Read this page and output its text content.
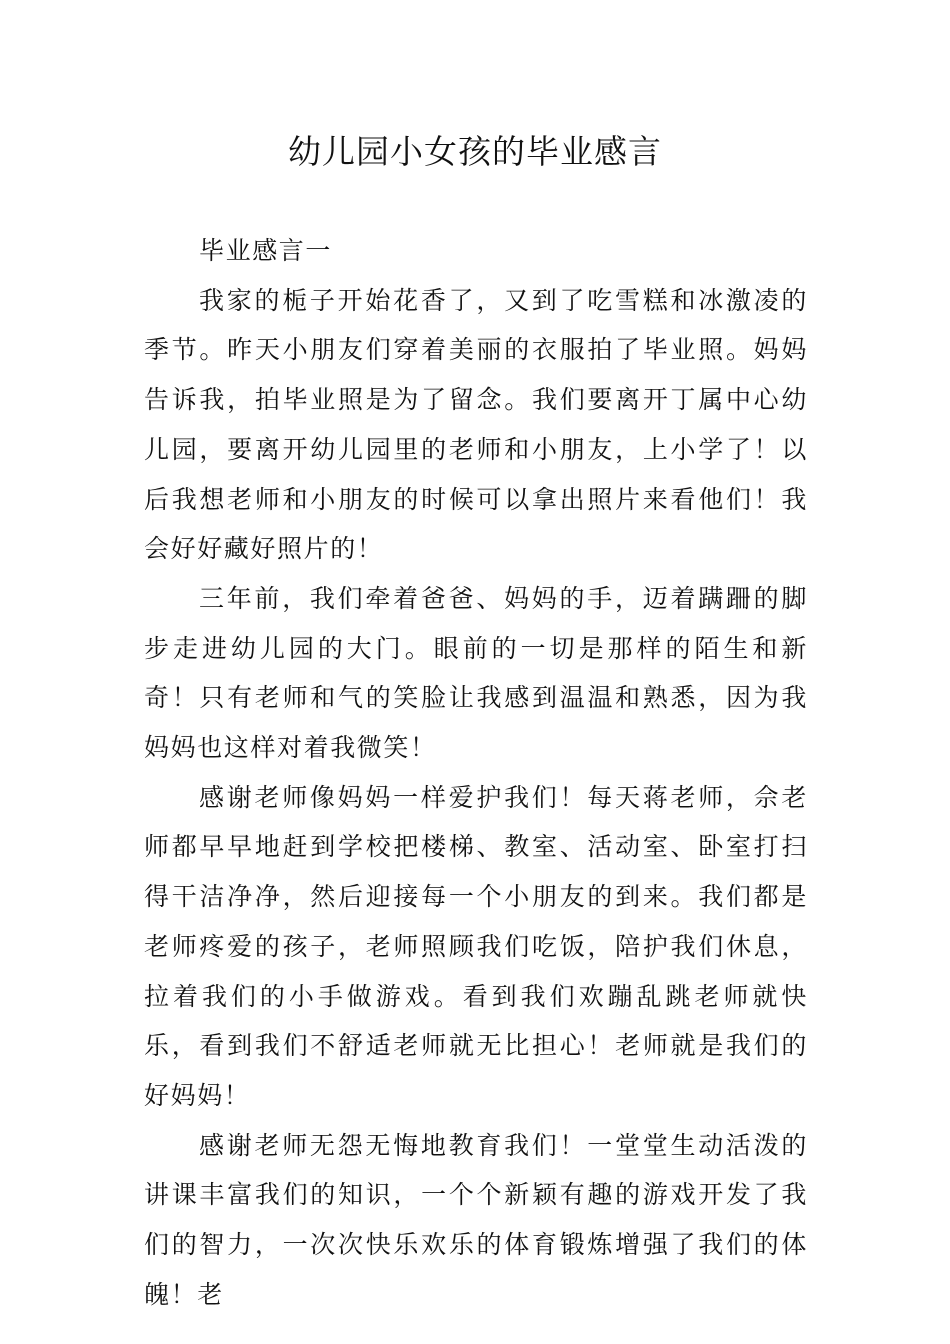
幼儿园小女孩的毕业感言

毕业感言一

我家的栀子开始花香了，又到了吃雪糕和冰激凌的季节。昨天小朋友们穿着美丽的衣服拍了毕业照。妈妈告诉我，拍毕业照是为了留念。我们要离开丁属中心幼儿园，要离开幼儿园里的老师和小朋友，上小学了！以后我想老师和小朋友的时候可以拿出照片来看他们！我会好好藏好照片的！

三年前，我们牵着爸爸、妈妈的手，迈着蹒跚的脚步走进幼儿园的大门。眼前的一切是那样的陌生和新奇！只有老师和气的笑脸让我感到温温和熟悉，因为我妈妈也这样对着我微笑！

感谢老师像妈妈一样爱护我们！每天蒋老师，佘老师都早早地赶到学校把楼梯、教室、活动室、卧室打扫得干洁净净，然后迎接每一个小朋友的到来。我们都是老师疼爱的孩子，老师照顾我们吃饭，陪护我们休息，拉着我们的小手做游戏。看到我们欢蹦乱跳老师就快乐，看到我们不舒适老师就无比担心！老师就是我们的好妈妈！

感谢老师无怨无悔地教育我们！一堂堂生动活泼的讲课丰富我们的知识，一个个新颖有趣的游戏开发了我们的智力，一次次快乐欢乐的体育锻炼增强了我们的体魄！老
